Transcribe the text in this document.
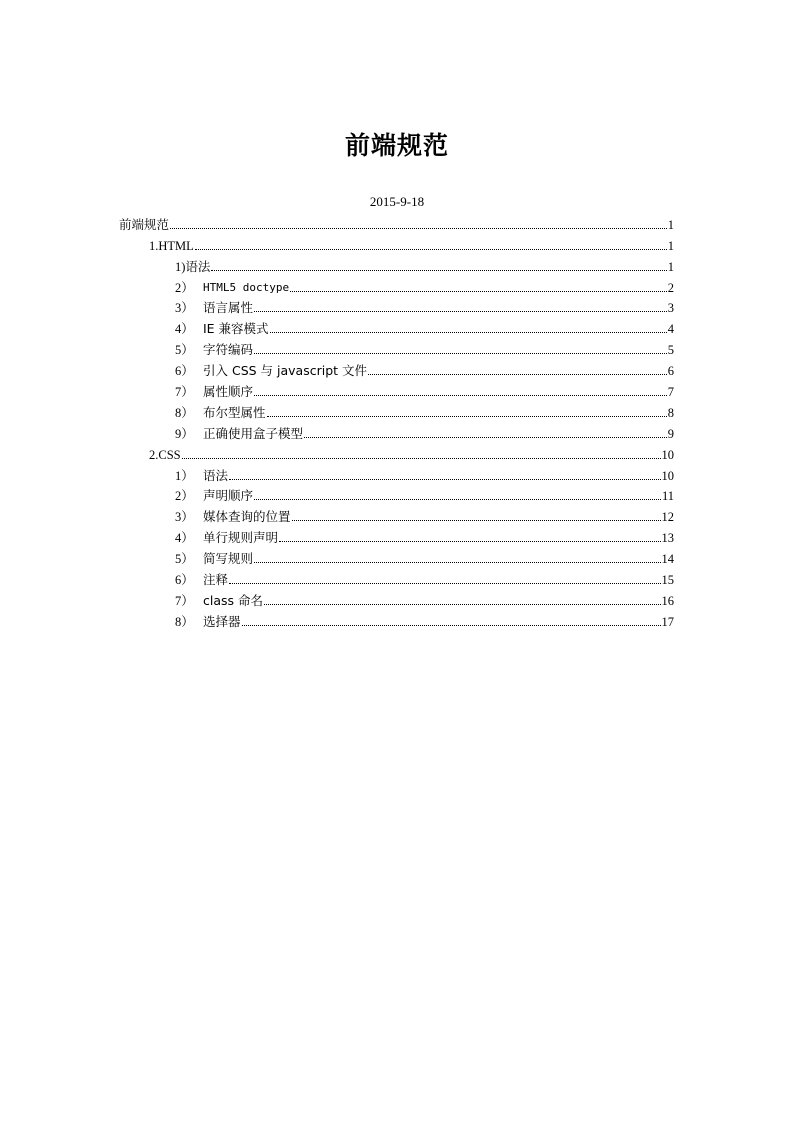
前端规范
2015-9-18
前端规范	1
1. HTML	1
1) 语法	1
2） HTML5 doctype	2
3） 语言属性	3
4） IE 兼容模式	4
5） 字符编码	5
6） 引入 CSS 与 javascript 文件	6
7） 属性顺序	7
8） 布尔型属性	8
9） 正确使用盒子模型	9
2. CSS	10
1） 语法	10
2） 声明顺序	11
3） 媒体查询的位置	12
4） 单行规则声明	13
5） 简写规则	14
6） 注释	15
7） class 命名	16
8） 选择器	17
